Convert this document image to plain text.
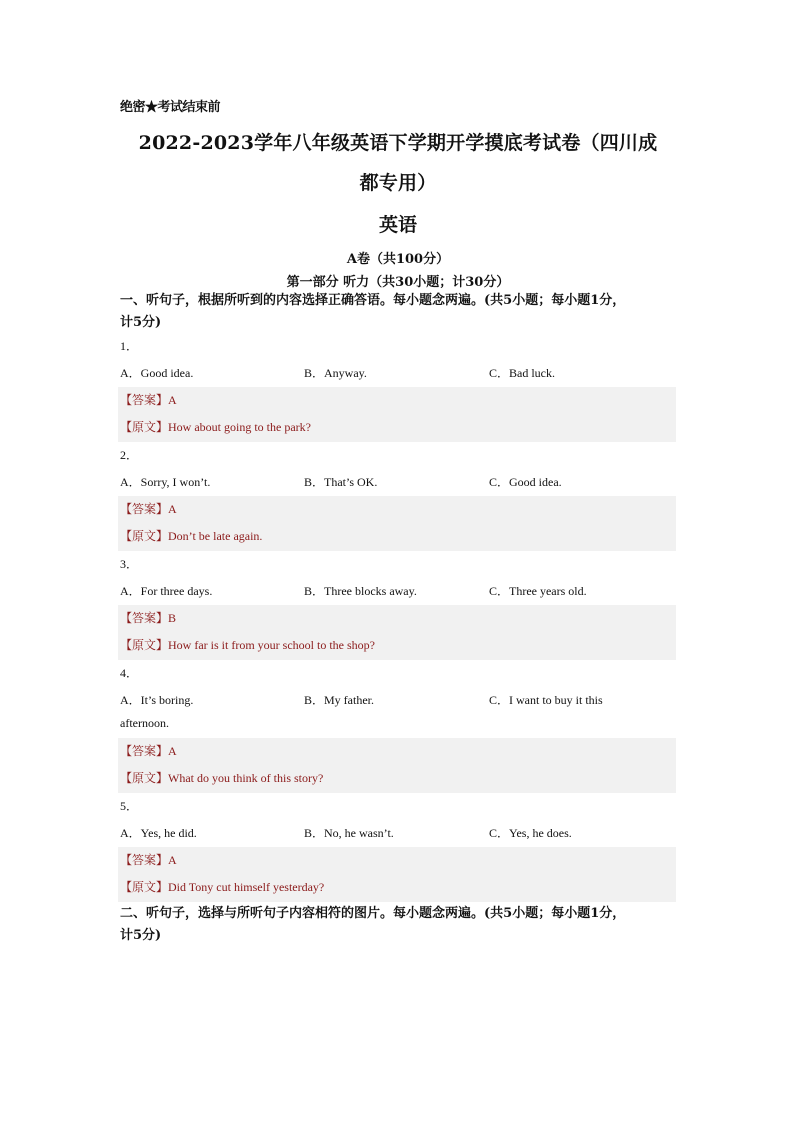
绝密★考试结束前
2022-2023学年八年级英语下学期开学摸底考试卷（四川成
都专用）
英语
A卷（共100分）
第一部分 听力（共30小题；计30分）
一、听句子，根据所听到的内容选择正确答语。每小题念两遍。(共5小题；每小题1分，
计5分)
1．
A．Good idea.	B．Anyway.	C．Bad luck.
【答案】A
【原文】How about going to the park?
2．
A．Sorry, I won’t.	B．That’s OK.	C．Good idea.
【答案】A
【原文】Don’t be late again.
3．
A．For three days.	B．Three blocks away.	C．Three years old.
【答案】B
【原文】How far is it from your school to the shop?
4．
A．It’s boring.	B．My father.	C．I want to buy it this
afternoon.
【答案】A
【原文】What do you think of this story?
5．
A．Yes, he did.	B．No, he wasn’t.	C．Yes, he does.
【答案】A
【原文】Did Tony cut himself yesterday?
二、听句子，选择与所听句子内容相符的图片。每小题念两遍。(共5小题；每小题1分，
计5分)
